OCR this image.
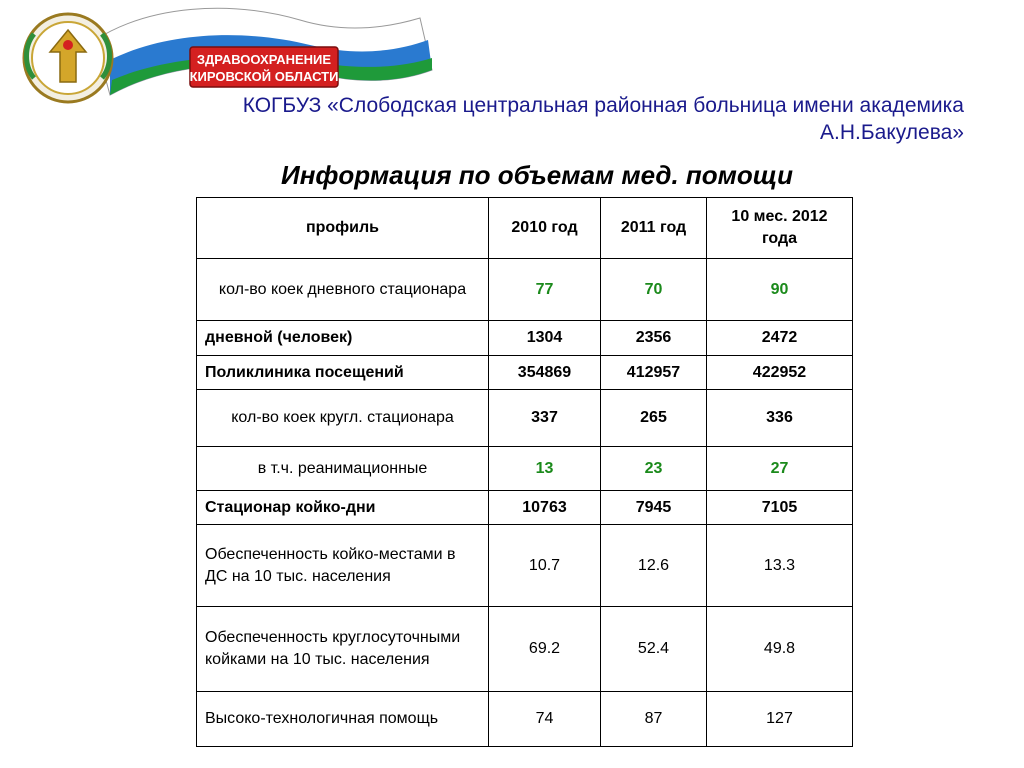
ЗДРАВООХРАНЕНИЕ
КИРОВСКОЙ ОБЛАСТИ
КОГБУЗ «Слободская центральная районная больница имени академика
А.Н.Бакулева»
Информация по объемам мед. помощи
профиль	2010 год	2011 год	10 мес. 2012 года
кол-во коек дневного стационара	77	70	90
дневной (человек)	1304	2356	2472
Поликлиника посещений	354869	412957	422952
кол-во коек кругл. стационара	337	265	336
в т.ч. реанимационные	13	23	27
Стационар койко-дни	10763	7945	7105
Обеспеченность койко-местами в ДС на 10 тыс. населения	10.7	12.6	13.3
Обеспеченность круглосуточными койками на 10 тыс. населения	69.2	52.4	49.8
Высоко-технологичная помощь	74	87	127
